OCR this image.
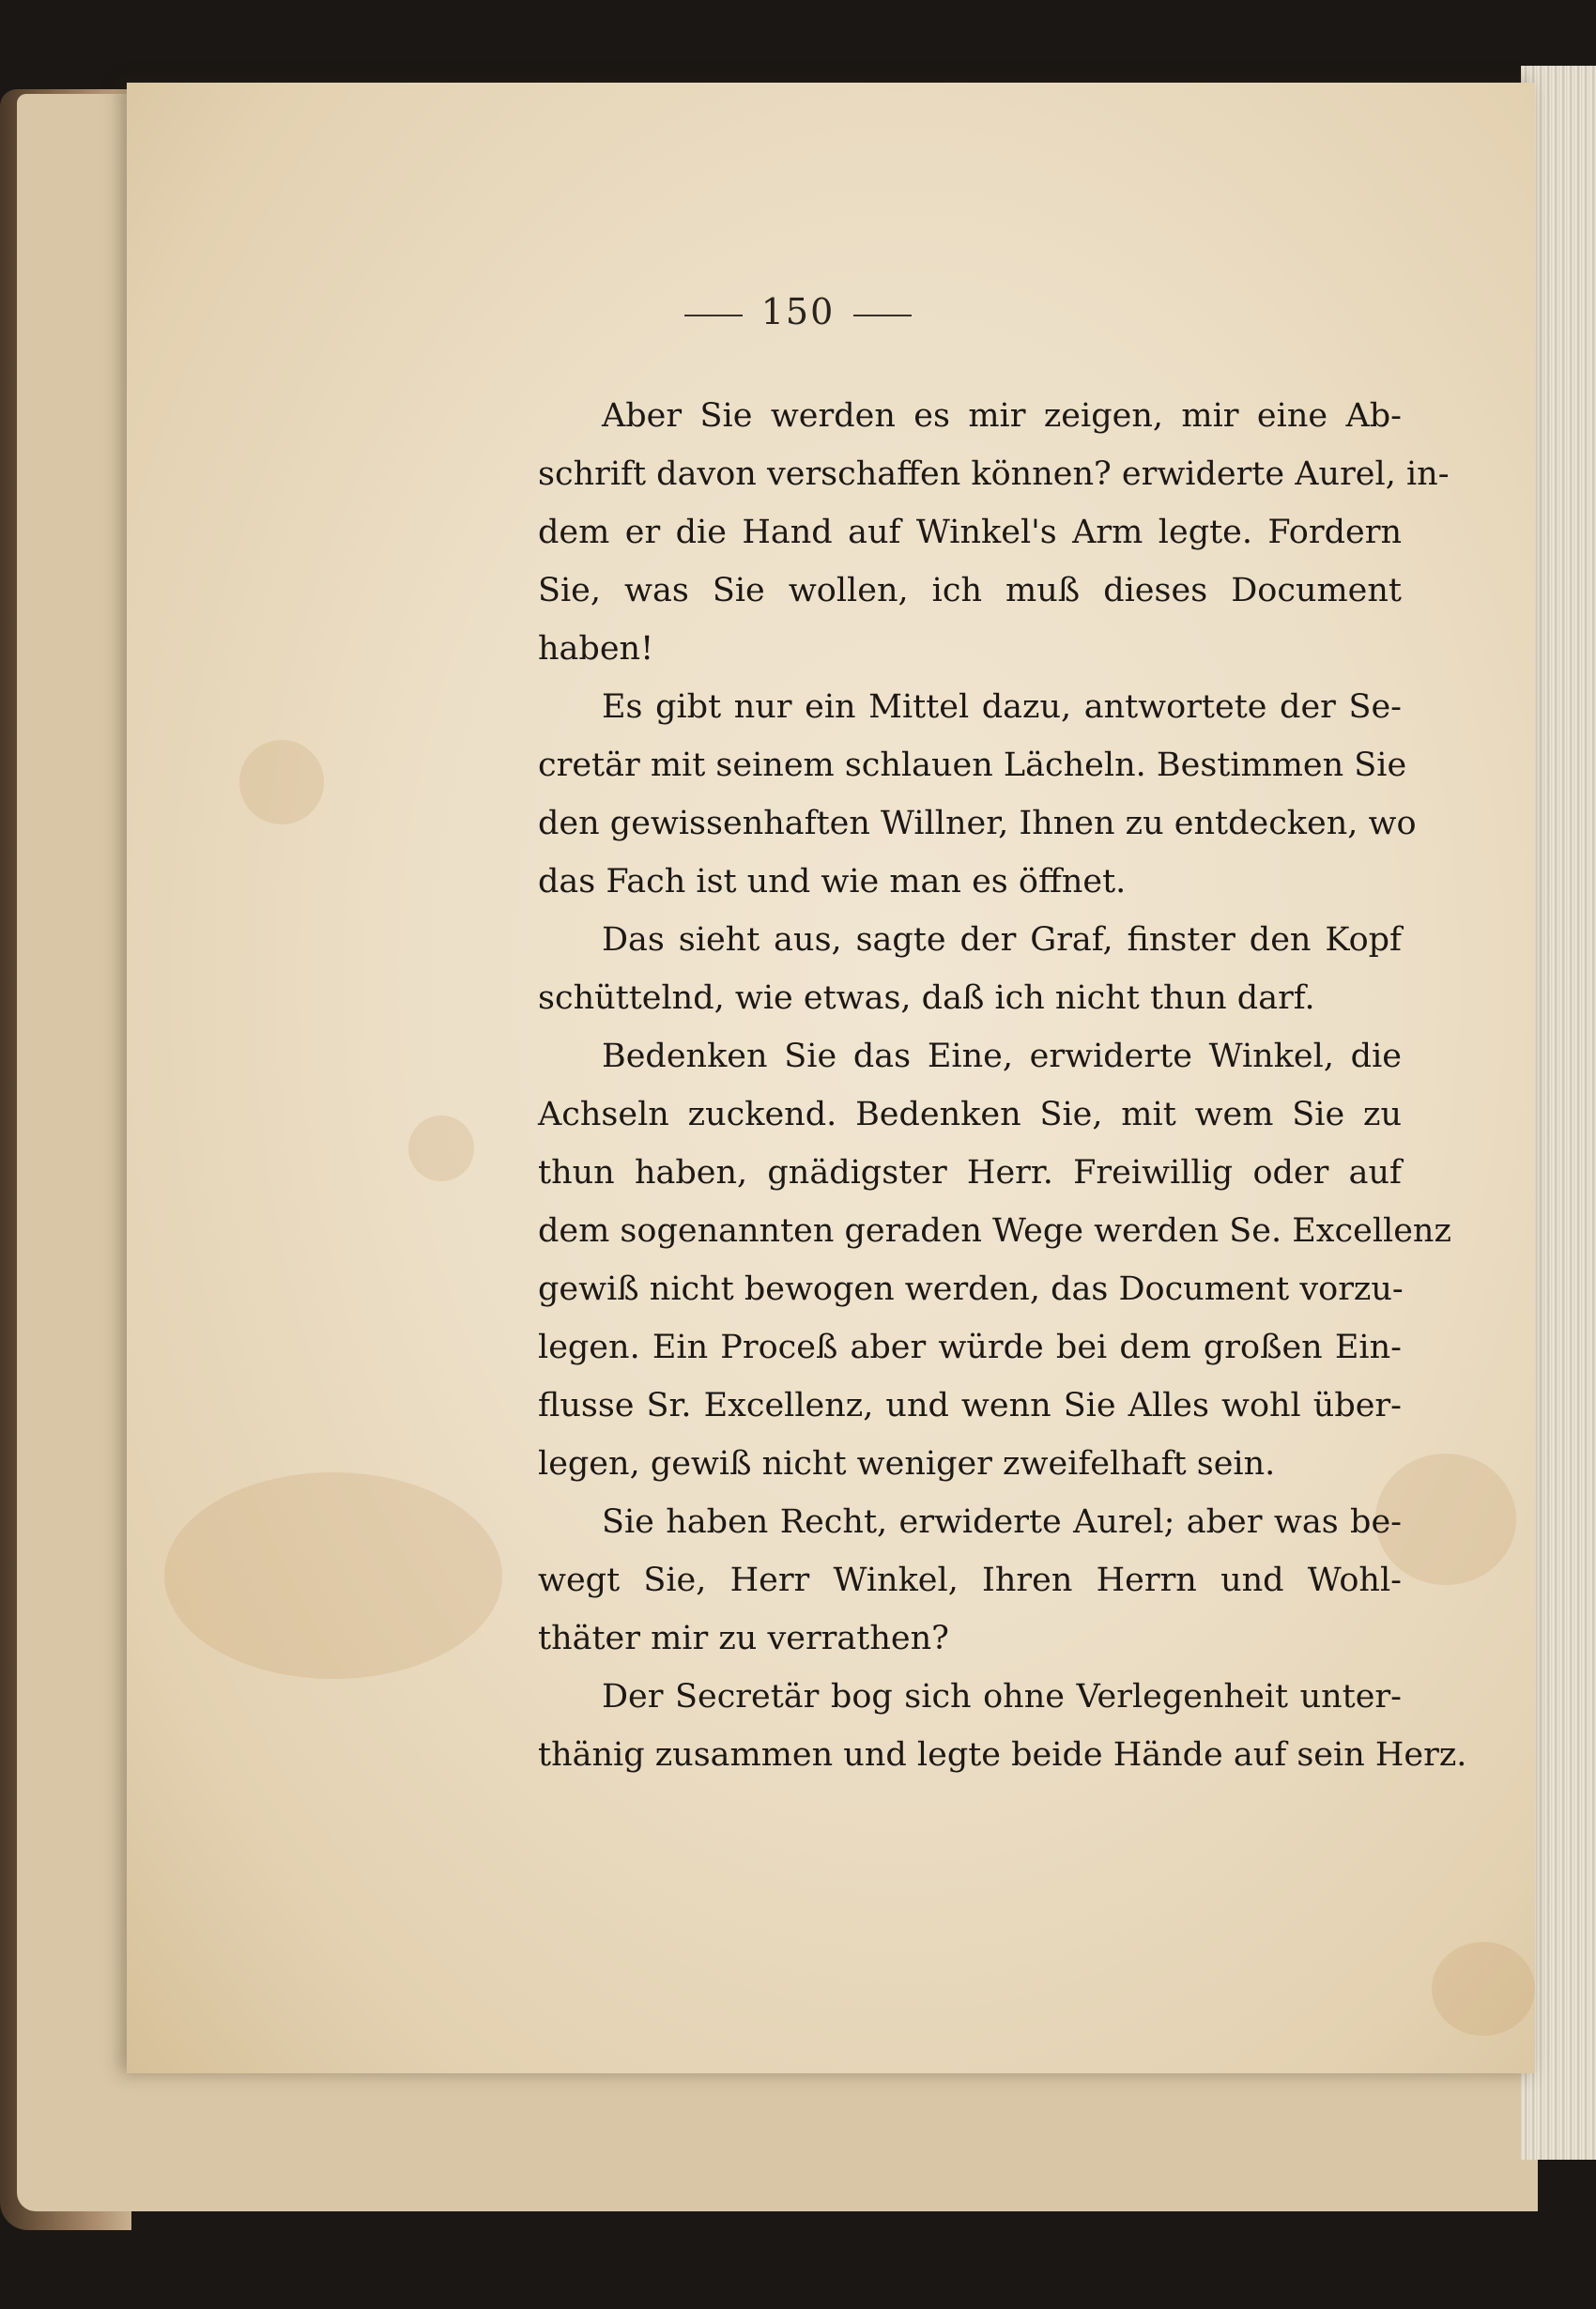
150
Aber Sie werden es mir zeigen, mir eine Ab-
schrift davon verschaffen können? erwiderte Aurel, in-
dem er die Hand auf Winkel's Arm legte. Fordern
Sie, was Sie wollen, ich muß dieses Document
haben!
Es gibt nur ein Mittel dazu, antwortete der Se-
cretär mit seinem schlauen Lächeln. Bestimmen Sie
den gewissenhaften Willner, Ihnen zu entdecken, wo
das Fach ist und wie man es öffnet.
Das sieht aus, sagte der Graf, finster den Kopf
schüttelnd, wie etwas, daß ich nicht thun darf.
Bedenken Sie das Eine, erwiderte Winkel, die
Achseln zuckend. Bedenken Sie, mit wem Sie zu
thun haben, gnädigster Herr. Freiwillig oder auf
dem sogenannten geraden Wege werden Se. Excellenz
gewiß nicht bewogen werden, das Document vorzu-
legen. Ein Proceß aber würde bei dem großen Ein-
flusse Sr. Excellenz, und wenn Sie Alles wohl über-
legen, gewiß nicht weniger zweifelhaft sein.
Sie haben Recht, erwiderte Aurel; aber was be-
wegt Sie, Herr Winkel, Ihren Herrn und Wohl-
thäter mir zu verrathen?
Der Secretär bog sich ohne Verlegenheit unter-
thänig zusammen und legte beide Hände auf sein Herz.
